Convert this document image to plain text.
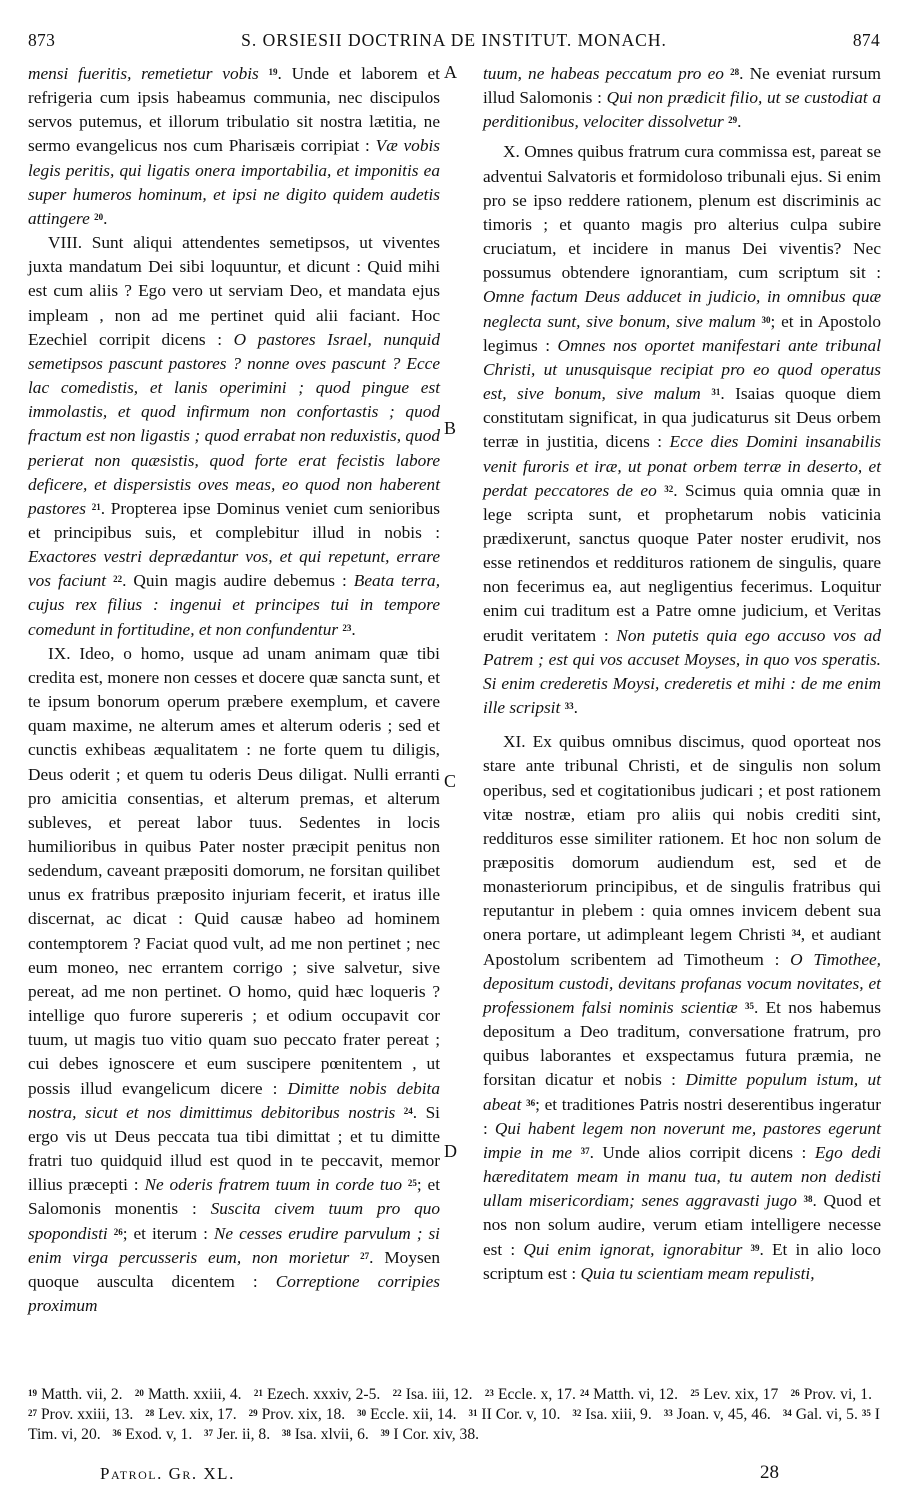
873	S. ORSIESII DOCTRINA DE INSTITUT. MONACH.	874

mensi fueritis, remetietur vobis $^{19}$. Unde et laborem et refrigeria cum ipsis habeamus communia, nec discipulos servos putemus, et illorum tribulatio sit nostra lætitia, ne sermo evangelicus nos cum Pharisæis corripiat : Væ vobis legis peritis, qui ligatis onera importabilia, et imponitis ea super humeros hominum, et ipsi ne digito quidem audetis attingere $^{20}$.

VIII. Sunt aliqui attendentes semetipsos, ut viventes juxta mandatum Dei sibi loquuntur, et dicunt : Quid mihi est cum aliis ? Ego vero ut serviam Deo, et mandata ejus impleam , non ad me pertinet quid alii faciant. Hoc Ezechiel corripit dicens : O pastores Israel, nunquid semetipsos pascunt pastores ? nonne oves pascunt ? Ecce lac comedistis, et lanis operimini ; quod pingue est immolastis, et quod infirmum non confortastis ; quod fractum est non ligastis ; quod errabat non reduxistis, quod perierat non quæsistis, quod forte erat fecistis labore deficere, et dispersistis oves meas, eo quod non haberent pastores $^{21}$. Propterea ipse Dominus veniet cum senioribus et principibus suis, et complebitur illud in nobis : Exactores vestri deprædantur vos, et qui repetunt, errare vos faciunt $^{22}$. Quin magis audire debemus : Beata terra, cujus rex filius : ingenui et principes tui in tempore comedunt in fortitudine, et non confundentur $^{23}$.

IX. Ideo, o homo, usque ad unam animam quæ tibi credita est, monere non cesses et docere quæ sancta sunt, et te ipsum bonorum operum præbere exemplum, et cavere quam maxime, ne alterum ames et alterum oderis ; sed et cunctis exhibeas æqualitatem : ne forte quem tu diligis, Deus oderit ; et quem tu oderis Deus diligat. Nulli erranti pro amicitia consentias, et alterum premas, et alterum subleves, et pereat labor tuus. Sedentes in locis humilioribus in quibus Pater noster præcipit penitus non sedendum, caveant præpositi domorum, ne forsitan quilibet unus ex fratribus præposito injuriam fecerit, et iratus ille discernat, ac dicat : Quid causæ habeo ad hominem contemptorem ? Faciat quod vult, ad me non pertinet ; nec eum moneo, nec errantem corrigo ; sive salvetur, sive pereat, ad me non pertinet. O homo, quid hæc loqueris ? intellige quo furore supereris ; et odium occupavit cor tuum, ut magis tuo vitio quam suo peccato frater pereat ; cui debes ignoscere et eum suscipere pœnitentem , ut possis illud evangelicum dicere : Dimitte nobis debita nostra, sicut et nos dimittimus debitoribus nostris $^{24}$. Si ergo vis ut Deus peccata tua tibi dimittat ; et tu dimitte fratri tuo quidquid illud est quod in te peccavit, memor illius præcepti : Ne oderis fratrem tuum in corde tuo $^{25}$; et Salomonis monentis : Suscita civem tuum pro quo spopondisti $^{26}$; et iterum : Ne cesses erudire parvulum ; si enim virga percusseris eum, non morietur $^{27}$. Moysen quoque ausculta dicentem : Correptione corripies proximum

A
B
C
D

tuum, ne habeas peccatum pro eo $^{28}$. Ne eveniat rursum illud Salomonis : Qui non prædicit filio, ut se custodiat a perditionibus, velociter dissolvetur $^{29}$.

X. Omnes quibus fratrum cura commissa est, pareat se adventui Salvatoris et formidoloso tribunali ejus. Si enim pro se ipso reddere rationem, plenum est discriminis ac timoris ; et quanto magis pro alterius culpa subire cruciatum, et incidere in manus Dei viventis? Nec possumus obtendere ignorantiam, cum scriptum sit : Omne factum Deus adducet in judicio, in omnibus quæ neglecta sunt, sive bonum, sive malum $^{30}$; et in Apostolo legimus : Omnes nos oportet manifestari ante tribunal Christi, ut unusquisque recipiat pro eo quod operatus est, sive bonum, sive malum $^{31}$. Isaias quoque diem constitutam significat, in qua judicaturus sit Deus orbem terræ in justitia, dicens : Ecce dies Domini insanabilis venit furoris et iræ, ut ponat orbem terræ in deserto, et perdat peccatores de eo $^{32}$. Scimus quia omnia quæ in lege scripta sunt, et prophetarum nobis vaticinia prædixerunt, sanctus quoque Pater noster erudivit, nos esse retinendos et reddituros rationem de singulis, quare non fecerimus ea, aut negligentius fecerimus. Loquitur enim cui traditum est a Patre omne judicium, et Veritas erudit veritatem : Non putetis quia ego accuso vos ad Patrem ; est qui vos accuset Moyses, in quo vos speratis. Si enim crederetis Moysi, crederetis et mihi : de me enim ille scripsit $^{33}$.

XI. Ex quibus omnibus discimus, quod oporteat nos stare ante tribunal Christi, et de singulis non solum operibus, sed et cogitationibus judicari ; et post rationem vitæ nostræ, etiam pro aliis qui nobis crediti sint, reddituros esse similiter rationem. Et hoc non solum de præpositis domorum audiendum est, sed et de monasteriorum principibus, et de singulis fratribus qui reputantur in plebem : quia omnes invicem debent sua onera portare, ut adimpleant legem Christi $^{34}$, et audiant Apostolum scribentem ad Timotheum : O Timothee, depositum custodi, devitans profanas vocum novitates, et professionem falsi nominis scientiæ $^{35}$. Et nos habemus depositum a Deo traditum, conversatione fratrum, pro quibus laborantes et exspectamus futura præmia, ne forsitan dicatur et nobis : Dimitte populum istum, ut abeat $^{36}$; et traditiones Patris nostri deserentibus ingeratur : Qui habent legem non noverunt me, pastores egerunt impie in me $^{37}$. Unde alios corripit dicens : Ego dedi hæreditatem meam in manu tua, tu autem non dedisti ullam misericordiam; senes aggravasti jugo $^{38}$. Quod et nos non solum audire, verum etiam intelligere necesse est : Qui enim ignorat, ignorabitur $^{39}$. Et in alio loco scriptum est : Quia tu scientiam meam repulisti,

$^{19}$ Matth. vii, 2.   $^{20}$ Matth. xxiii, 4.   $^{21}$ Ezech. xxxiv, 2-5.   $^{22}$ Isa. iii, 12.   $^{23}$ Eccle. x, 17. $^{24}$ Matth. vi, 12.   $^{25}$ Lev. xix, 17   $^{26}$ Prov. vi, 1.   $^{27}$ Prov. xxiii, 13.   $^{28}$ Lev. xix, 17.   $^{29}$ Prov. xix, 18.   $^{30}$ Eccle. xii, 14.   $^{31}$ II Cor. v, 10.   $^{32}$ Isa. xiii, 9.   $^{33}$ Joan. v, 45, 46.   $^{34}$ Gal. vi, 5. $^{35}$ I Tim. vi, 20.   $^{36}$ Exod. v, 1.   $^{37}$ Jer. ii, 8.   $^{38}$ Isa. xlvii, 6.   $^{39}$ I Cor. xiv, 38.

Patrol. Gr. XL.	28
